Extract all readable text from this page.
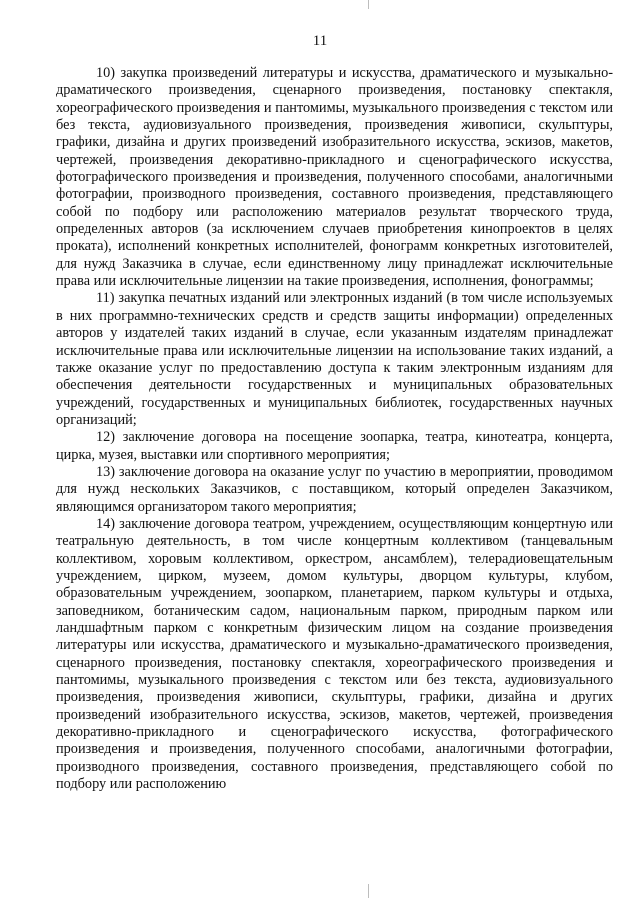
11

10) закупка произведений литературы и искусства, драматического и музыкально-драматического произведения, сценарного произведения, постановку спектакля, хореографического произведения и пантомимы, музыкального произведения с текстом или без текста, аудиовизуального произведения, произведения живописи, скульптуры, графики, дизайна и других произведений изобразительного искусства, эскизов, макетов, чертежей, произведения декоративно-прикладного и сценографического искусства, фотографического произведения и произведения, полученного способами, аналогичными фотографии, производного произведения, составного произведения, представляющего собой по подбору или расположению материалов результат творческого труда, определенных авторов (за исключением случаев приобретения кинопроектов в целях проката), исполнений конкретных исполнителей, фонограмм конкретных изготовителей, для нужд Заказчика в случае, если единственному лицу принадлежат исключительные права или исключительные лицензии на такие произведения, исполнения, фонограммы;

11) закупка печатных изданий или электронных изданий (в том числе используемых в них программно-технических средств и средств защиты информации) определенных авторов у издателей таких изданий в случае, если указанным издателям принадлежат исключительные права или исключительные лицензии на использование таких изданий, а также оказание услуг по предоставлению доступа к таким электронным изданиям для обеспечения деятельности государственных и муниципальных образовательных учреждений, государственных и муниципальных библиотек, государственных научных организаций;

12) заключение договора на посещение зоопарка, театра, кинотеатра, концерта, цирка, музея, выставки или спортивного мероприятия;

13) заключение договора на оказание услуг по участию в мероприятии, проводимом для нужд нескольких Заказчиков, с поставщиком, который определен Заказчиком, являющимся организатором такого мероприятия;

14) заключение договора театром, учреждением, осуществляющим концертную или театральную деятельность, в том числе концертным коллективом (танцевальным коллективом, хоровым коллективом, оркестром, ансамблем), телерадиовещательным учреждением, цирком, музеем, домом культуры, дворцом культуры, клубом, образовательным учреждением, зоопарком, планетарием, парком культуры и отдыха, заповедником, ботаническим садом, национальным парком, природным парком или ландшафтным парком с конкретным физическим лицом на создание произведения литературы или искусства, драматического и музыкально-драматического произведения, сценарного произведения, постановку спектакля, хореографического произведения и пантомимы, музыкального произведения с текстом или без текста, аудиовизуального произведения, произведения живописи, скульптуры, графики, дизайна и других произведений изобразительного искусства, эскизов, макетов, чертежей, произведения декоративно-прикладного и сценографического искусства, фотографического произведения и произведения, полученного способами, аналогичными фотографии, производного произведения, составного произведения, представляющего собой по подбору или расположению
